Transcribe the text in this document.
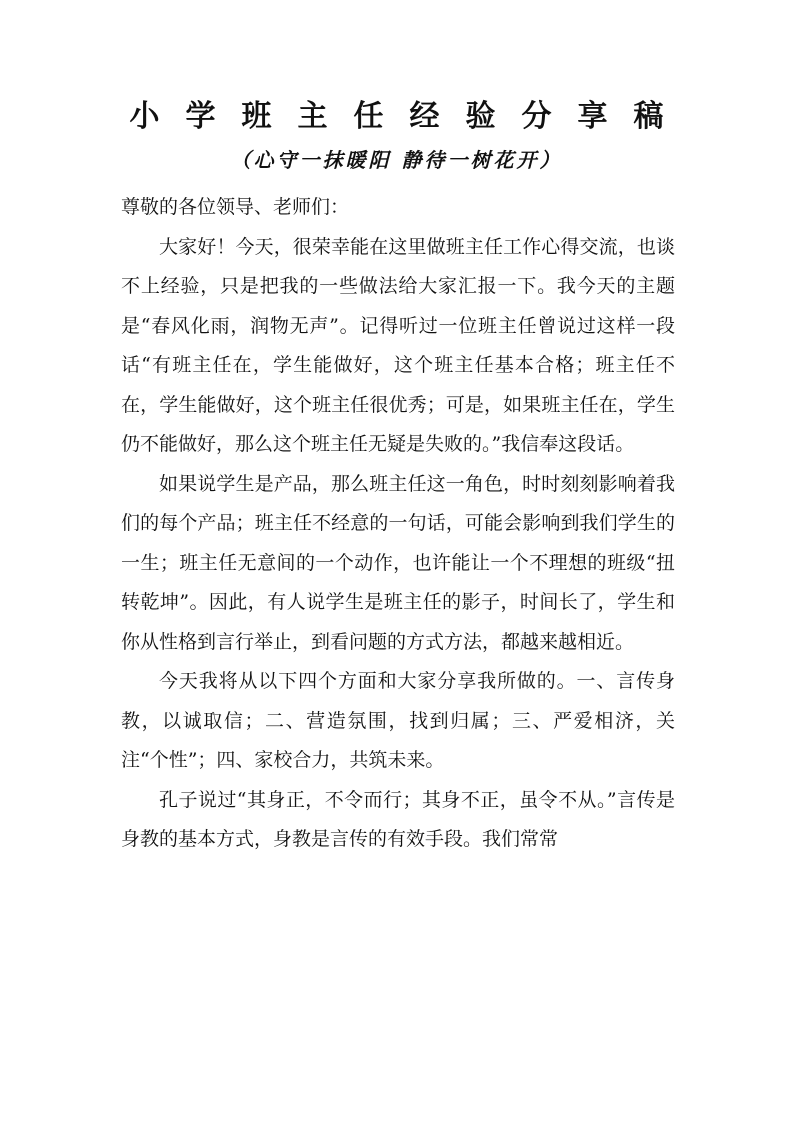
小学班主任经验分享稿
（心守一抹暖阳 静待一树花开）

尊敬的各位领导、老师们：

大家好！今天，很荣幸能在这里做班主任工作心得交流，也谈不上经验，只是把我的一些做法给大家汇报一下。我今天的主题是“春风化雨，润物无声”。记得听过一位班主任曾说过这样一段话“有班主任在，学生能做好，这个班主任基本合格；班主任不在，学生能做好，这个班主任很优秀；可是，如果班主任在，学生仍不能做好，那么这个班主任无疑是失败的。”我信奉这段话。

如果说学生是产品，那么班主任这一角色，时时刻刻影响着我们的每个产品；班主任不经意的一句话，可能会影响到我们学生的一生；班主任无意间的一个动作，也许能让一个不理想的班级“扭转乾坤”。因此，有人说学生是班主任的影子，时间长了，学生和你从性格到言行举止，到看问题的方式方法，都越来越相近。

今天我将从以下四个方面和大家分享我所做的。一、言传身教，以诚取信；二、营造氛围，找到归属；三、严爱相济，关注“个性”；四、家校合力，共筑未来。

孔子说过“其身正，不令而行；其身不正，虽令不从。”言传是身教的基本方式，身教是言传的有效手段。我们常常
